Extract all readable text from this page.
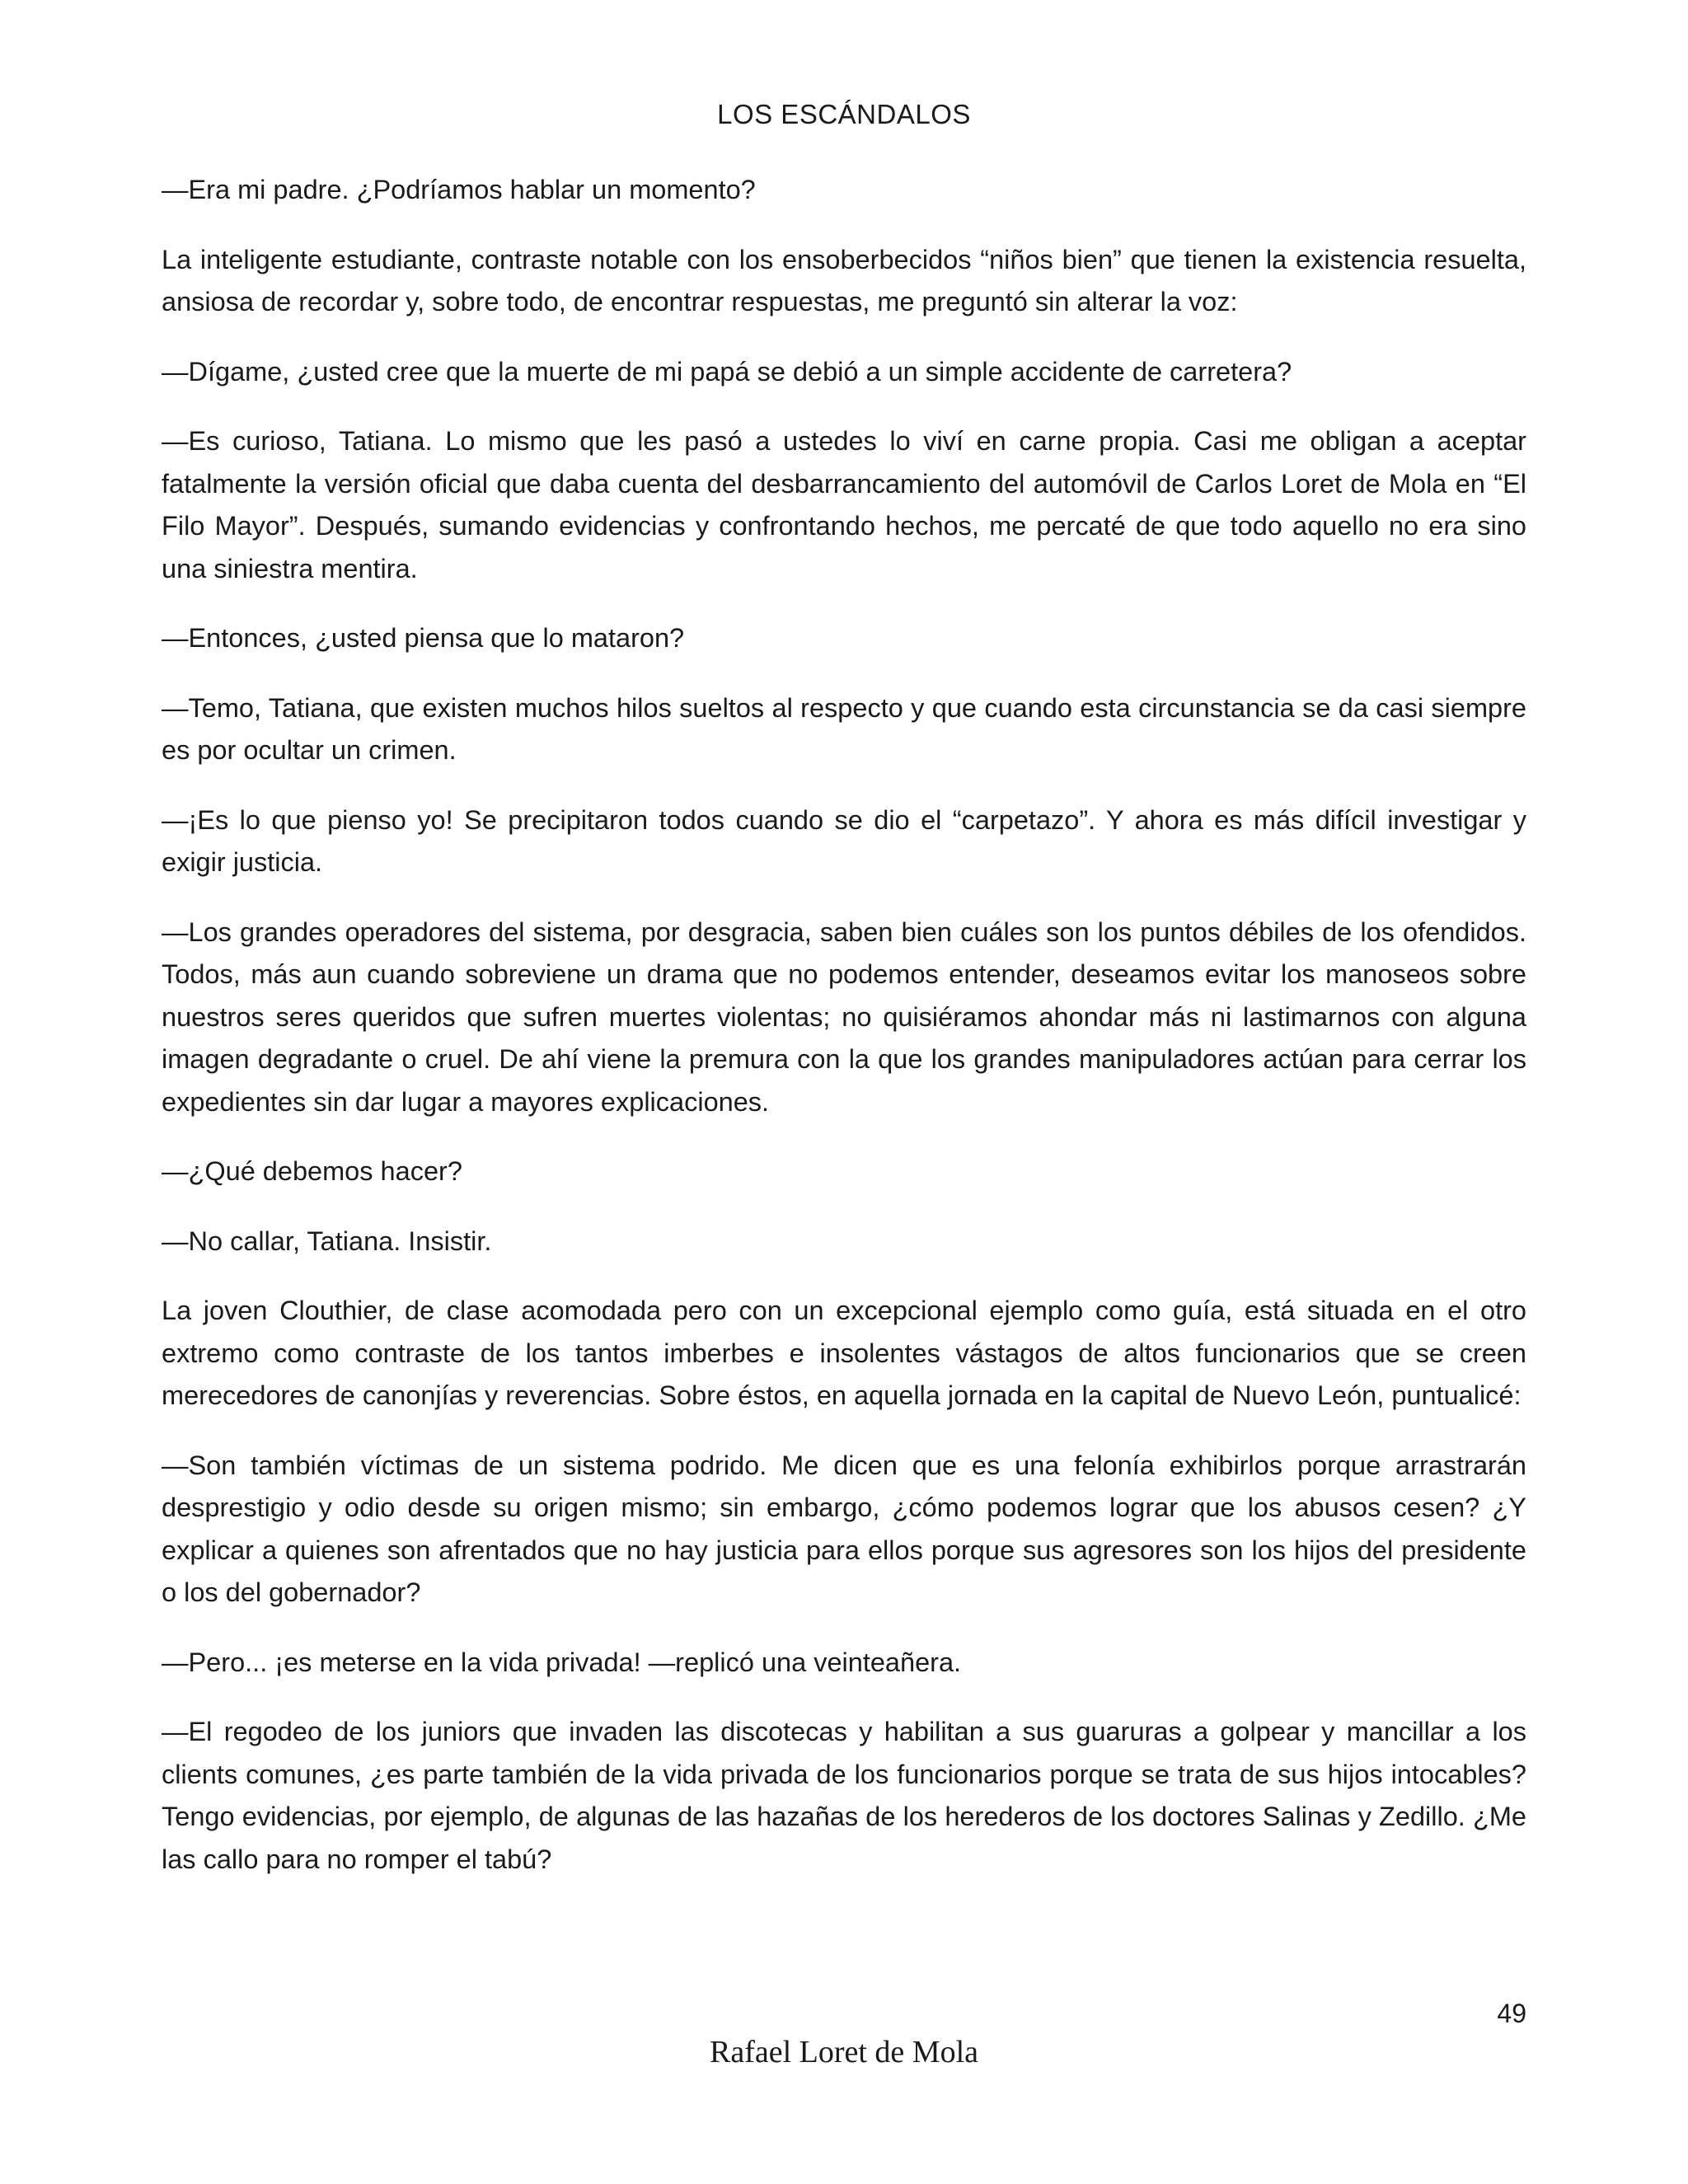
LOS ESCÁNDALOS

—Era mi padre. ¿Podríamos hablar un momento?

La inteligente estudiante, contraste notable con los ensoberbecidos “niños bien” que tienen la existencia resuelta, ansiosa de recordar y, sobre todo, de encontrar respuestas, me preguntó sin alterar la voz:

—Dígame, ¿usted cree que la muerte de mi papá se debió a un simple accidente de carretera?

—Es curioso, Tatiana. Lo mismo que les pasó a ustedes lo viví en carne propia. Casi me obligan a aceptar fatalmente la versión oficial que daba cuenta del desbarrancamiento del automóvil de Carlos Loret de Mola en “El Filo Mayor”. Después, sumando evidencias y confrontando hechos, me percaté de que todo aquello no era sino una siniestra mentira.

—Entonces, ¿usted piensa que lo mataron?

—Temo, Tatiana, que existen muchos hilos sueltos al respecto y que cuando esta circunstancia se da casi siempre es por ocultar un crimen.

—¡Es lo que pienso yo! Se precipitaron todos cuando se dio el “carpetazo”. Y ahora es más difícil investigar y exigir justicia.

—Los grandes operadores del sistema, por desgracia, saben bien cuáles son los puntos débiles de los ofendidos. Todos, más aun cuando sobreviene un drama que no podemos entender, deseamos evitar los manoseos sobre nuestros seres queridos que sufren muertes violentas; no quisiéramos ahondar más ni lastimarnos con alguna imagen degradante o cruel. De ahí viene la premura con la que los grandes manipuladores actúan para cerrar los expedientes sin dar lugar a mayores explicaciones.

—¿Qué debemos hacer?

—No callar, Tatiana. Insistir.

La joven Clouthier, de clase acomodada pero con un excepcional ejemplo como guía, está situada en el otro extremo como contraste de los tantos imberbes e insolentes vástagos de altos funcionarios que se creen merecedores de canonjías y reverencias. Sobre éstos, en aquella jornada en la capital de Nuevo León, puntualicé:

—Son también víctimas de un sistema podrido. Me dicen que es una felonía exhibirlos porque arrastrarán desprestigio y odio desde su origen mismo; sin embargo, ¿cómo podemos lograr que los abusos cesen? ¿Y explicar a quienes son afrentados que no hay justicia para ellos porque sus agresores son los hijos del presidente o los del gobernador?

—Pero... ¡es meterse en la vida privada! —replicó una veinteañera.

—El regodeo de los juniors que invaden las discotecas y habilitan a sus guaruras a golpear y mancillar a los clients comunes, ¿es parte también de la vida privada de los funcionarios porque se trata de sus hijos intocables? Tengo evidencias, por ejemplo, de algunas de las hazañas de los herederos de los doctores Salinas y Zedillo. ¿Me las callo para no romper el tabú?

49
Rafael Loret de Mola
